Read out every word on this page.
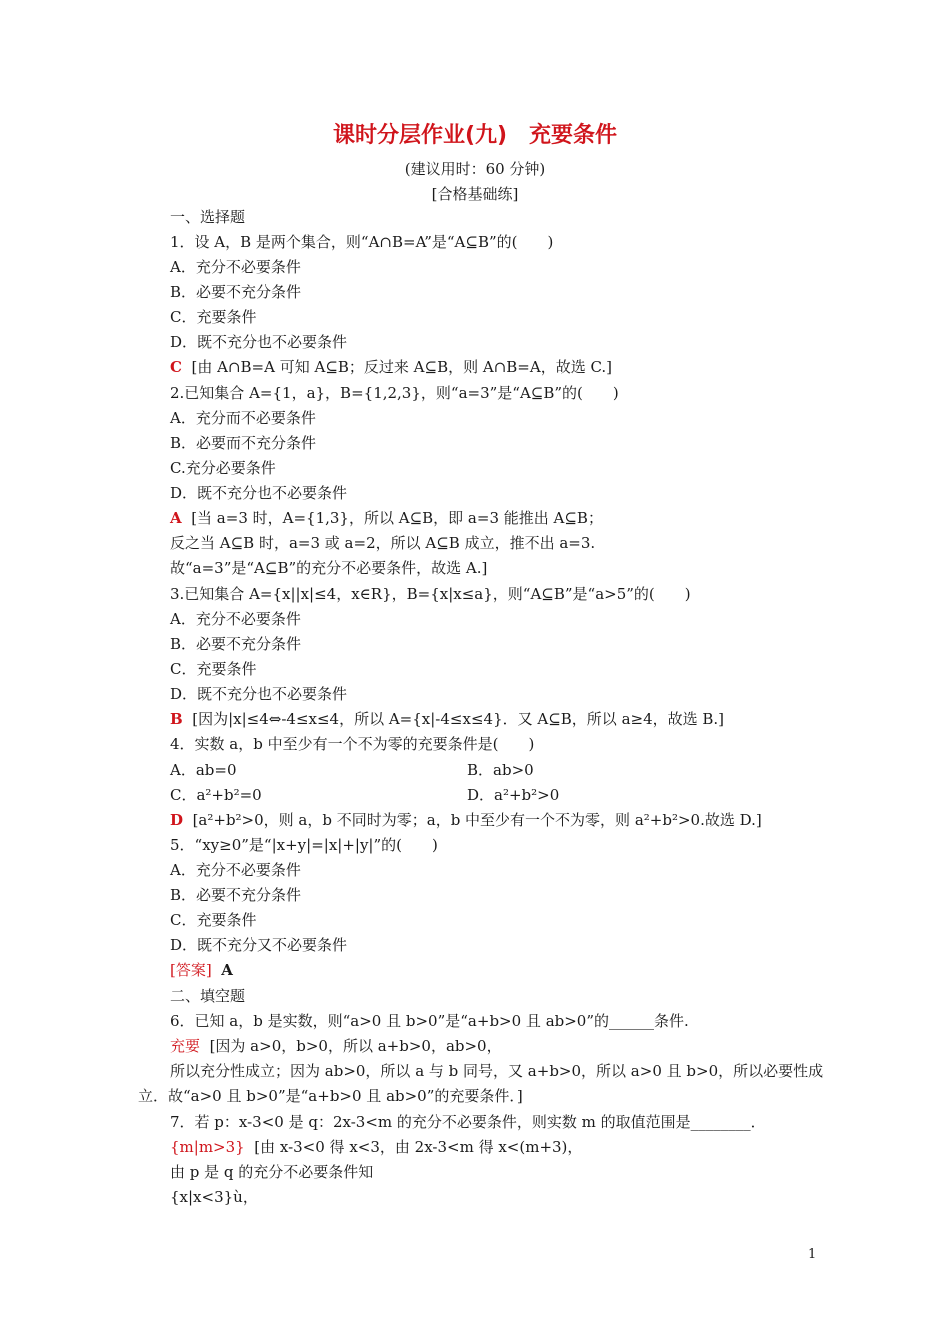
课时分层作业(九)　充要条件
(建议用时：60 分钟)
[合格基础练]
一、选择题
1．设 A，B 是两个集合，则“A∩B=A”是“A⊆B”的(　　)
A．充分不必要条件
B．必要不充分条件
C．充要条件
D．既不充分也不必要条件
C [由 A∩B=A 可知 A⊆B；反过来 A⊆B，则 A∩B=A，故选 C.]
2.已知集合 A={1，a}，B={1,2,3}，则“a=3”是“A⊆B”的(　　)
A．充分而不必要条件
B．必要而不充分条件
C.充分必要条件
D．既不充分也不必要条件
A [当 a=3 时，A={1,3}，所以 A⊆B，即 a=3 能推出 A⊆B；
反之当 A⊆B 时，a=3 或 a=2，所以 A⊆B 成立，推不出 a=3.
故“a=3”是“A⊆B”的充分不必要条件，故选 A.]
3.已知集合 A={x||x|≤4，x∈R}，B={x|x≤a}，则“A⊆B”是“a>5”的(　　)
A．充分不必要条件
B．必要不充分条件
C．充要条件
D．既不充分也不必要条件
B [因为|x|≤4⇔-4≤x≤4，所以 A={x|-4≤x≤4}．又 A⊆B，所以 a≥4，故选 B.]
4．实数 a，b 中至少有一个不为零的充要条件是(　　)
A．ab=0	B．ab>0
C．a²+b²=0	D．a²+b²>0
D [a²+b²>0，则 a，b 不同时为零；a，b 中至少有一个不为零，则 a²+b²>0.故选 D.]
5．“xy≥0”是“|x+y|=|x|+|y|”的(　　)
A．充分不必要条件
B．必要不充分条件
C．充要条件
D．既不充分又不必要条件
[答案] A
二、填空题
6．已知 a，b 是实数，则“a>0 且 b>0”是“a+b>0 且 ab>0”的______条件.
充要 [因为 a>0，b>0，所以 a+b>0，ab>0，
所以充分性成立；因为 ab>0，所以 a 与 b 同号，又 a+b>0，所以 a>0 且 b>0，所以必要性成
立．故“a>0 且 b>0”是“a+b>0 且 ab>0”的充要条件．]
7．若 p：x-3<0 是 q：2x-3<m 的充分不必要条件，则实数 m 的取值范围是________．
{m|m>3} [由 x-3<0 得 x<3，由 2x-3<m 得 x<(m+3)，
由 p 是 q 的充分不必要条件知
{x|x<3}ù，
1
